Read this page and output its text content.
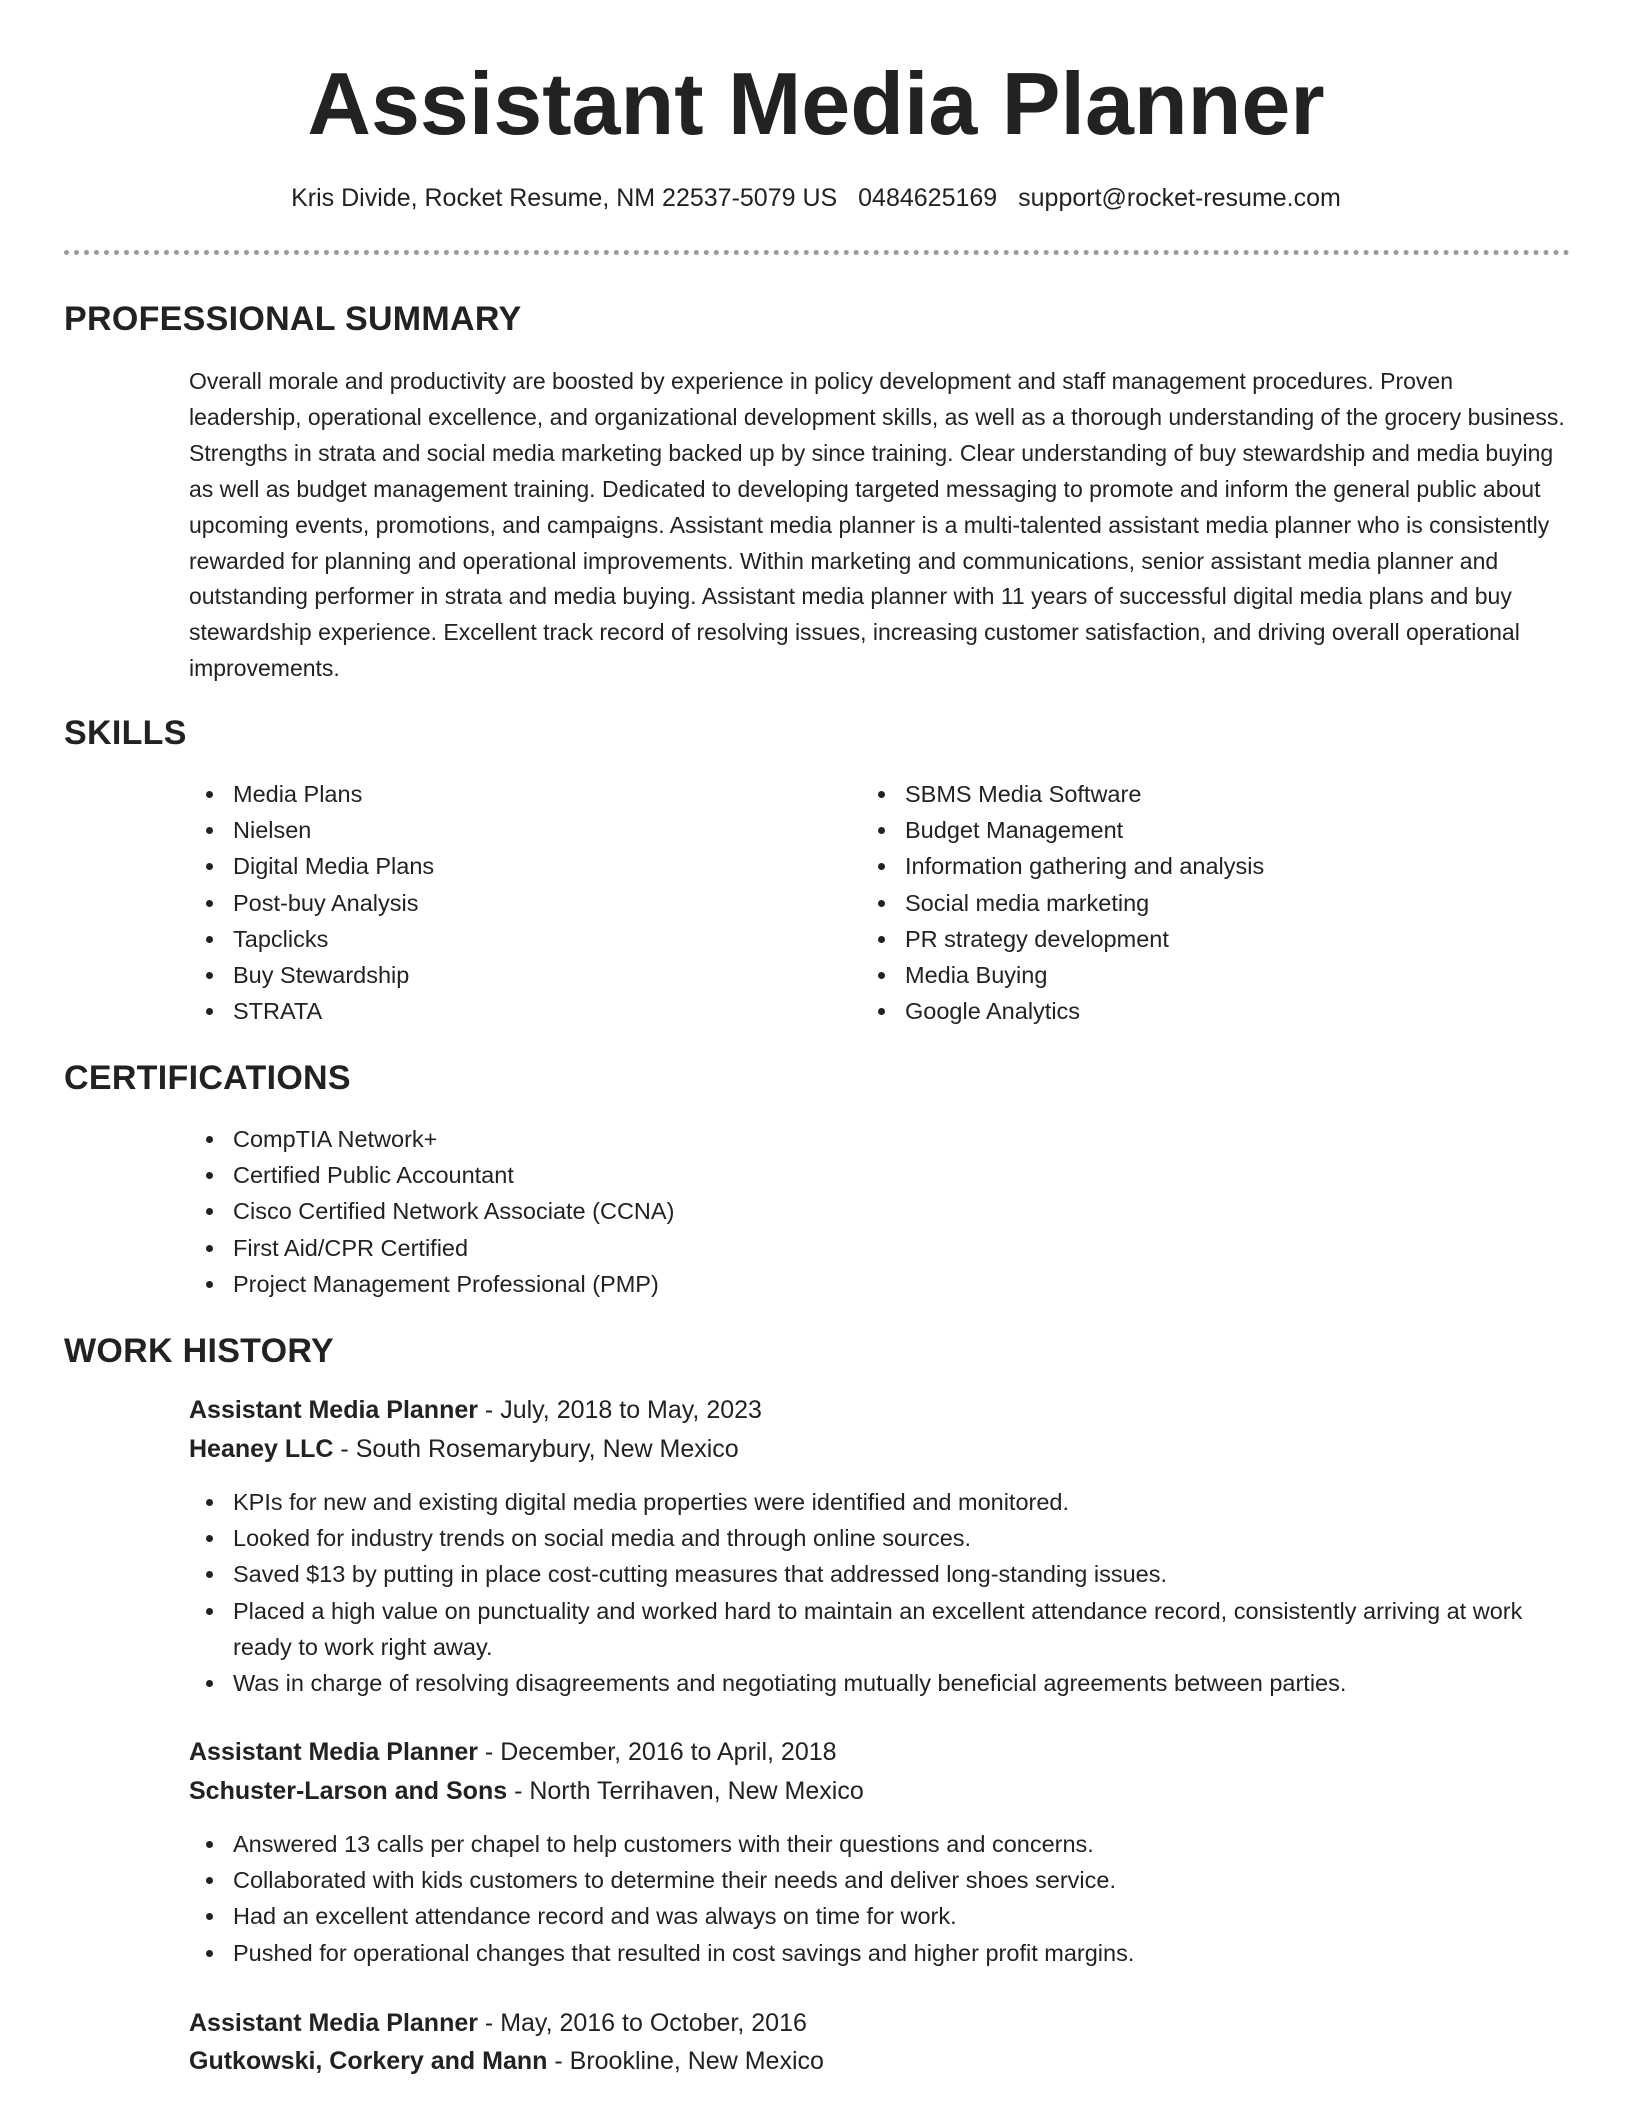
Assistant Media Planner
Kris Divide, Rocket Resume, NM 22537-5079 US 0484625169 support@rocket-resume.com
PROFESSIONAL SUMMARY

Overall morale and productivity are boosted by experience in policy development and staff management procedures. Proven leadership, operational excellence, and organizational development skills, as well as a thorough understanding of the grocery business. Strengths in strata and social media marketing backed up by since training. Clear understanding of buy stewardship and media buying as well as budget management training. Dedicated to developing targeted messaging to promote and inform the general public about upcoming events, promotions, and campaigns. Assistant media planner is a multi-talented assistant media planner who is consistently rewarded for planning and operational improvements. Within marketing and communications, senior assistant media planner and outstanding performer in strata and media buying. Assistant media planner with 11 years of successful digital media plans and buy stewardship experience. Excellent track record of resolving issues, increasing customer satisfaction, and driving overall operational improvements.

SKILLS
Media Plans
Nielsen
Digital Media Plans
Post-buy Analysis
Tapclicks
Buy Stewardship
STRATA
SBMS Media Software
Budget Management
Information gathering and analysis
Social media marketing
PR strategy development
Media Buying
Google Analytics
CERTIFICATIONS
CompTIA Network+
Certified Public Accountant
Cisco Certified Network Associate (CCNA)
First Aid/CPR Certified
Project Management Professional (PMP)
WORK HISTORY
Assistant Media Planner - July, 2018 to May, 2023
Heaney LLC - South Rosemarybury, New Mexico
KPIs for new and existing digital media properties were identified and monitored.
Looked for industry trends on social media and through online sources.
Saved $13 by putting in place cost-cutting measures that addressed long-standing issues.
Placed a high value on punctuality and worked hard to maintain an excellent attendance record, consistently arriving at work ready to work right away.
Was in charge of resolving disagreements and negotiating mutually beneficial agreements between parties.
Assistant Media Planner - December, 2016 to April, 2018
Schuster-Larson and Sons - North Terrihaven, New Mexico
Answered 13 calls per chapel to help customers with their questions and concerns.
Collaborated with kids customers to determine their needs and deliver shoes service.
Had an excellent attendance record and was always on time for work.
Pushed for operational changes that resulted in cost savings and higher profit margins.
Assistant Media Planner - May, 2016 to October, 2016
Gutkowski, Corkery and Mann - Brookline, New Mexico
